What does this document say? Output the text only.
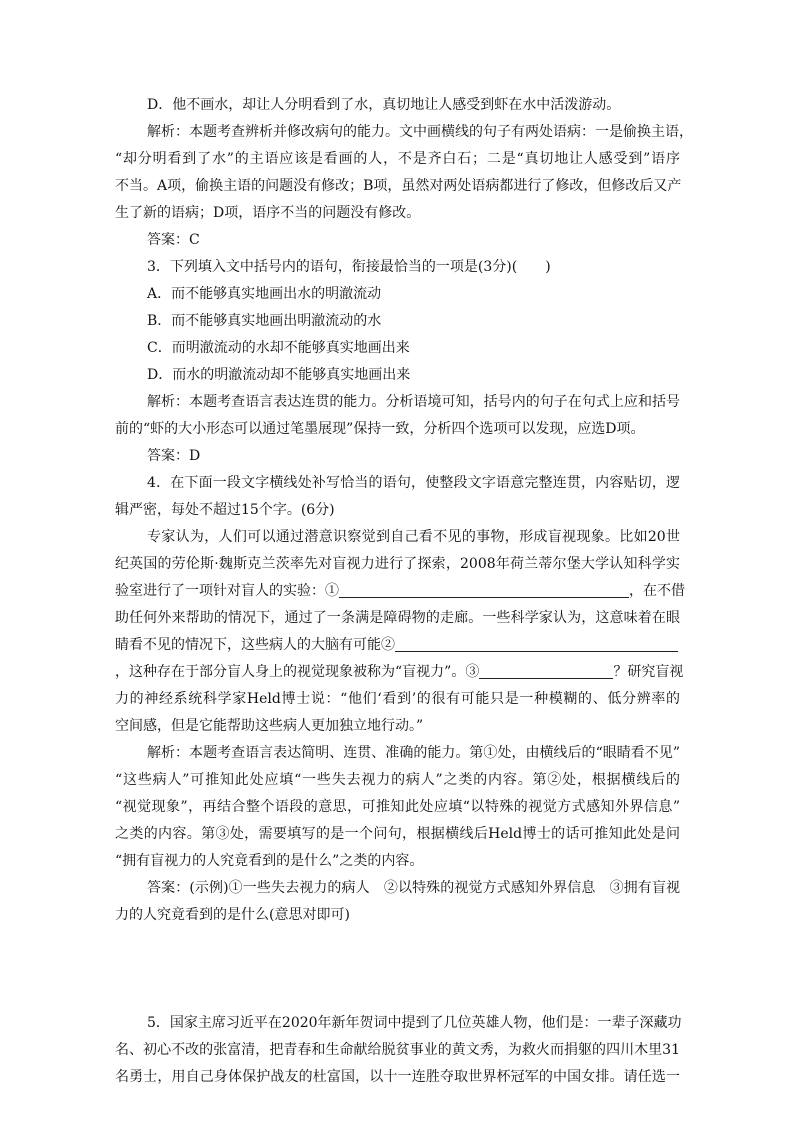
D．他不画水，却让人分明看到了水，真切地让人感受到虾在水中活泼游动。
解析：本题考查辨析并修改病句的能力。文中画横线的句子有两处语病：一是偷换主语，
“却分明看到了水”的主语应该是看画的人，不是齐白石；二是“真切地让人感受到”语序
不当。A项，偷换主语的问题没有修改；B项，虽然对两处语病都进行了修改，但修改后又产
生了新的语病；D项，语序不当的问题没有修改。
答案：C
3．下列填入文中括号内的语句，衔接最恰当的一项是(3分)(　　)
A．而不能够真实地画出水的明澈流动
B．而不能够真实地画出明澈流动的水
C．而明澈流动的水却不能够真实地画出来
D．而水的明澈流动却不能够真实地画出来
解析：本题考查语言表达连贯的能力。分析语境可知，括号内的句子在句式上应和括号
前的“虾的大小形态可以通过笔墨展现”保持一致，分析四个选项可以发现，应选D项。
答案：D
4．在下面一段文字横线处补写恰当的语句，使整段文字语意完整连贯，内容贴切，逻
辑严密，每处不超过15个字。(6分)
专家认为，人们可以通过潜意识察觉到自己看不见的事物，形成盲视现象。比如20世
纪英国的劳伦斯·魏斯克兰茨率先对盲视力进行了探索，2008年荷兰蒂尔堡大学认知科学实
验室进行了一项针对盲人的实验：①	，在不借
助任何外来帮助的情况下，通过了一条满是障碍物的走廊。一些科学家认为，这意味着在眼
睛看不见的情况下，这些病人的大脑有可能②
，这种存在于部分盲人身上的视觉现象被称为“盲视力”。③	？研究盲视
力的神经系统科学家Held博士说：“他们‘看到’的很有可能只是一种模糊的、低分辨率的
空间感，但是它能帮助这些病人更加独立地行动。”
解析：本题考查语言表达简明、连贯、准确的能力。第①处，由横线后的“眼睛看不见”
“这些病人”可推知此处应填“一些失去视力的病人”之类的内容。第②处，根据横线后的
“视觉现象”，再结合整个语段的意思，可推知此处应填“以特殊的视觉方式感知外界信息”
之类的内容。第③处，需要填写的是一个问句，根据横线后Held博士的话可推知此处是问
“拥有盲视力的人究竟看到的是什么”之类的内容。
答案：(示例)①一些失去视力的病人　②以特殊的视觉方式感知外界信息　③拥有盲视
力的人究竟看到的是什么(意思对即可)
5．国家主席习近平在2020年新年贺词中提到了几位英雄人物，他们是：一辈子深藏功
名、初心不改的张富清，把青春和生命献给脱贫事业的黄文秀，为救火而捐躯的四川木里31
名勇士，用自己身体保护战友的杜富国，以十一连胜夺取世界杯冠军的中国女排。请任选一
